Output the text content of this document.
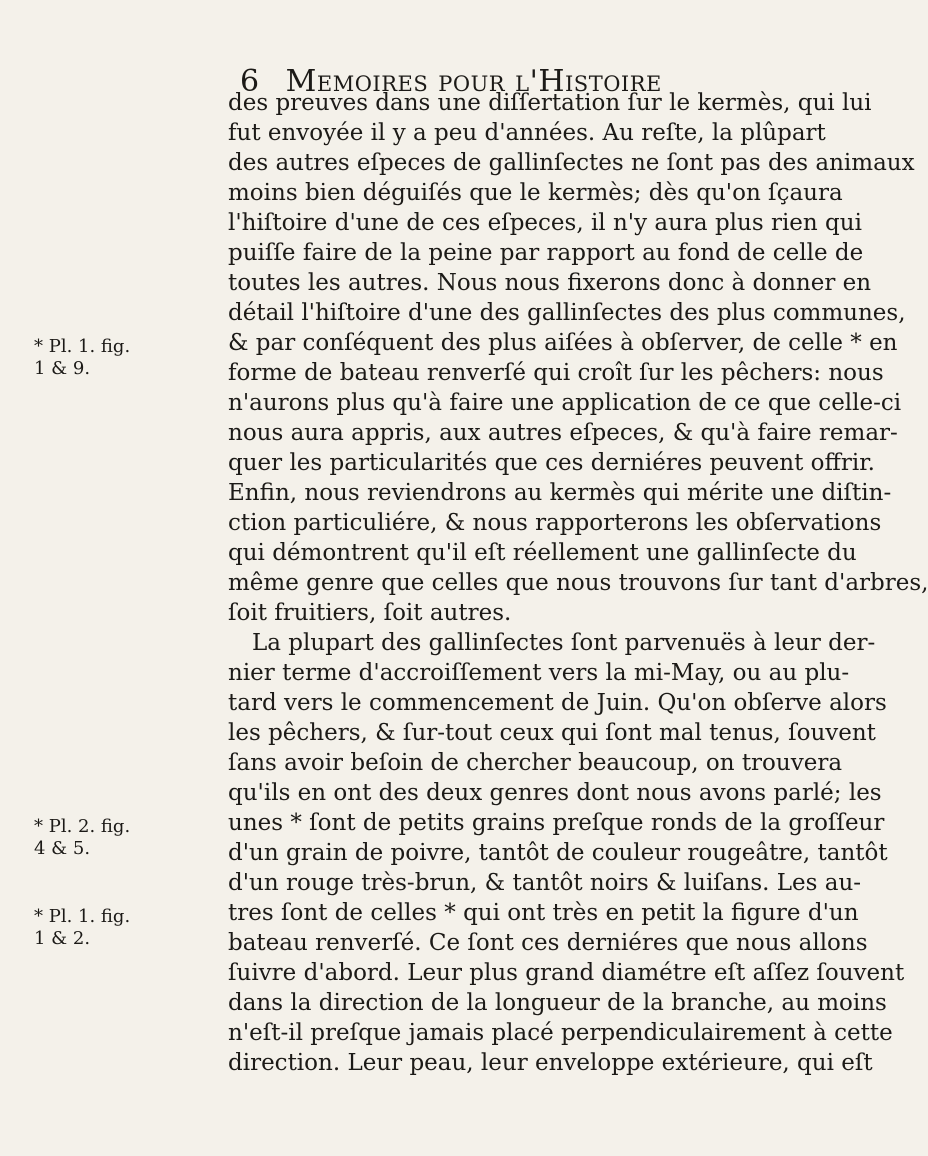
6 Memoires pour l'Histoire
des preuves dans une diſſertation ſur le kermès, qui lui
fut envoyée il y a peu d'années. Au reſte, la plûpart
des autres eſpeces de gallinſectes ne ſont pas des animaux
moins bien déguiſés que le kermès; dès qu'on ſçaura
l'hiſtoire d'une de ces eſpeces, il n'y aura plus rien qui
puiſſe faire de la peine par rapport au fond de celle de
toutes les autres. Nous nous fixerons donc à donner en
détail l'hiſtoire d'une des gallinſectes des plus communes,
& par conſéquent des plus aiſées à obſerver, de celle * en
forme de bateau renverſé qui croît ſur les pêchers: nous
n'aurons plus qu'à faire une application de ce que celle-ci
nous aura appris, aux autres eſpeces, & qu'à faire remar-
quer les particularités que ces derniéres peuvent offrir.
Enfin, nous reviendrons au kermès qui mérite une diſtin-
ction particuliére, & nous rapporterons les obſervations
qui démontrent qu'il eſt réellement une gallinſecte du
même genre que celles que nous trouvons ſur tant d'arbres,
ſoit fruitiers, ſoit autres.
La plupart des gallinſectes ſont parvenuës à leur der-
nier terme d'accroiſſement vers la mi-May, ou au plu-
tard vers le commencement de Juin. Qu'on obſerve alors
les pêchers, & ſur-tout ceux qui ſont mal tenus, ſouvent
ſans avoir beſoin de chercher beaucoup, on trouvera
qu'ils en ont des deux genres dont nous avons parlé; les
unes * ſont de petits grains preſque ronds de la groſſeur
d'un grain de poivre, tantôt de couleur rougeâtre, tantôt
d'un rouge très-brun, & tantôt noirs & luiſans. Les au-
tres ſont de celles * qui ont très en petit la figure d'un
bateau renverſé. Ce ſont ces derniéres que nous allons
ſuivre d'abord. Leur plus grand diamétre eſt aſſez ſouvent
dans la direction de la longueur de la branche, au moins
n'eſt-il preſque jamais placé perpendiculairement à cette
direction. Leur peau, leur enveloppe extérieure, qui eſt
* Pl. 1. fig.
1 & 9.
* Pl. 2. fig.
4 & 5.
* Pl. 1. fig.
1 & 2.
